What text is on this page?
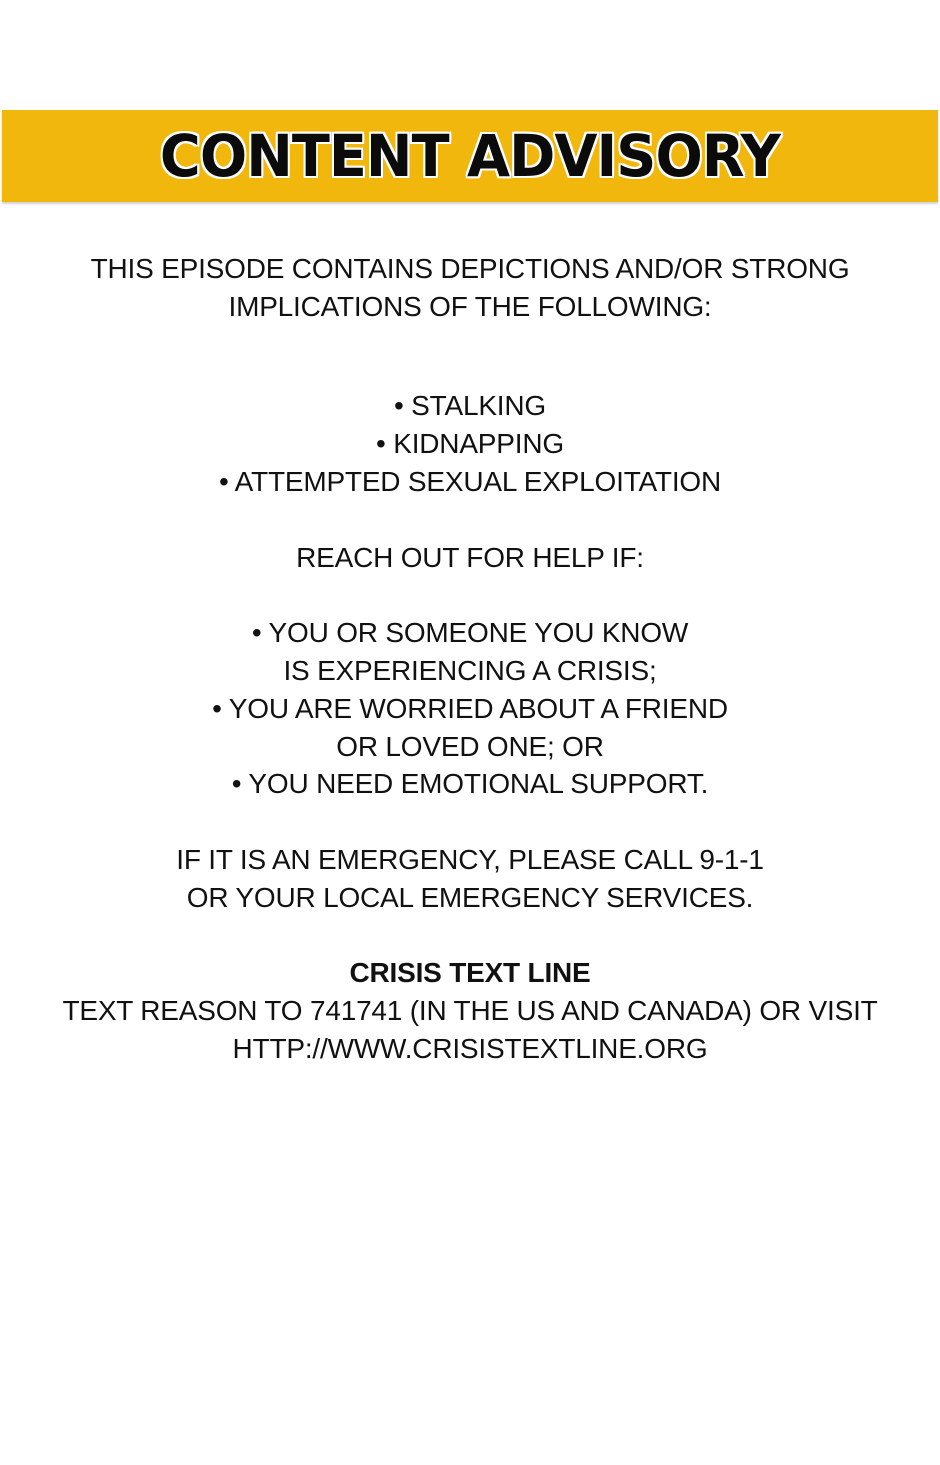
CONTENT ADVISORY
THIS EPISODE CONTAINS DEPICTIONS AND/OR STRONG
IMPLICATIONS OF THE FOLLOWING:
• STALKING
• KIDNAPPING
• ATTEMPTED SEXUAL EXPLOITATION
REACH OUT FOR HELP IF:
• YOU OR SOMEONE YOU KNOW
IS EXPERIENCING A CRISIS;
• YOU ARE WORRIED ABOUT A FRIEND
OR LOVED ONE; OR
• YOU NEED EMOTIONAL SUPPORT.
IF IT IS AN EMERGENCY, PLEASE CALL 9-1-1
OR YOUR LOCAL EMERGENCY SERVICES.
CRISIS TEXT LINE
TEXT REASON TO 741741 (IN THE US AND CANADA) OR VISIT
HTTP://WWW.CRISISTEXTLINE.ORG
